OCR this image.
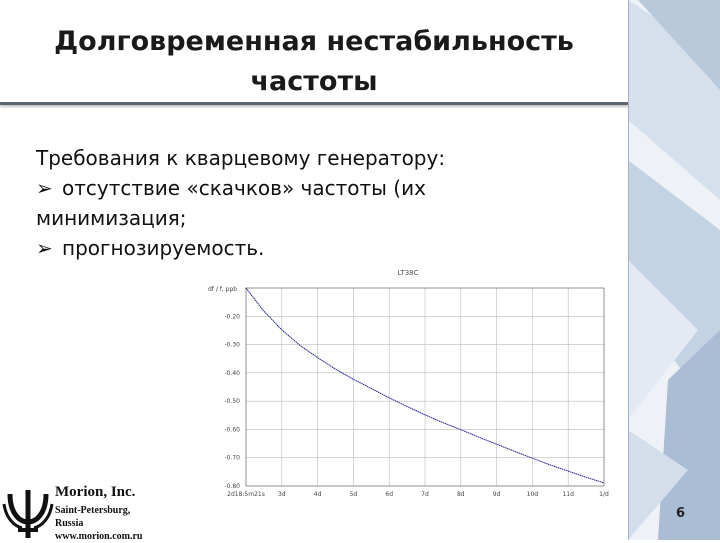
Долговременная нестабильность
частоты
Требования к кварцевому генератору:
➢ отсутствие «скачков» частоты (их
минимизация;
➢ прогнозируемость.
LT38C
df / f, ppb
-0.20
-0.30
-0.40
-0.50
-0.60
-0.70
-0.80
2d18:5m21s 3d	4d	5d	6d	7d	8d	9d	10d	11d	1/d
Morion, Inc.
Saint-Petersburg,
Russia
www.morion.com.ru
6
